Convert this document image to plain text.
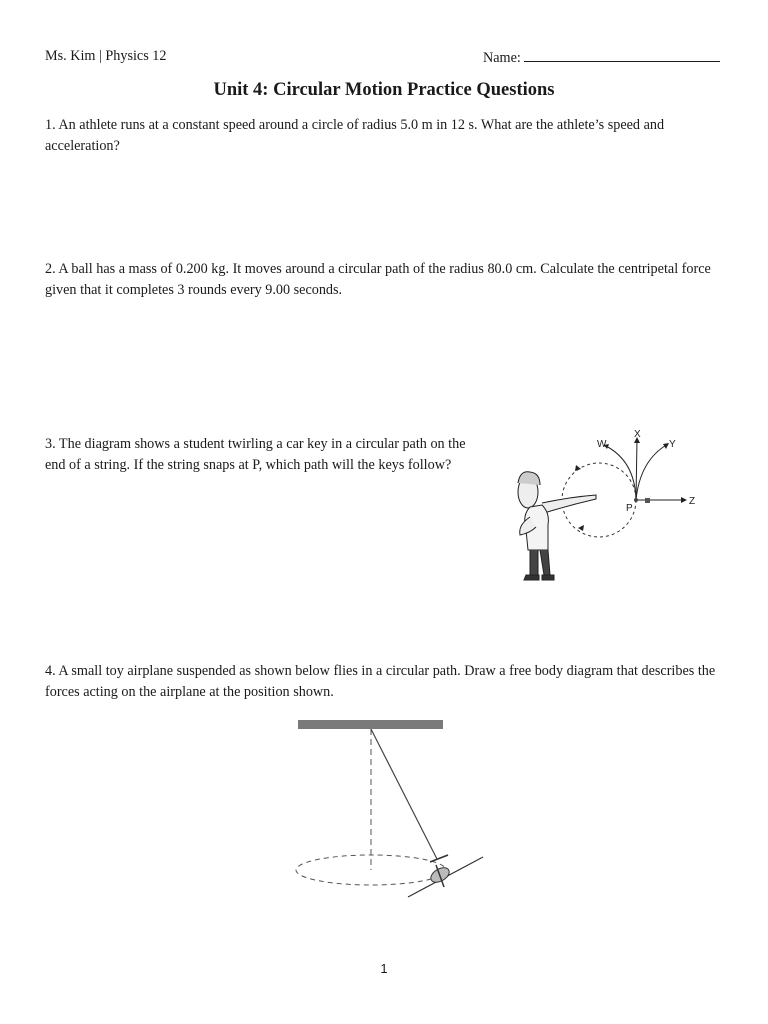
Ms. Kim | Physics 12	Name:
Unit 4: Circular Motion Practice Questions
1. An athlete runs at a constant speed around a circle of radius 5.0 m in 12 s. What are the athlete’s speed and acceleration?
2. A ball has a mass of 0.200 kg. It moves around a circular path of the radius 80.0 cm. Calculate the centripetal force given that it completes 3 rounds every 9.00 seconds.
3. The diagram shows a student twirling a car key in a circular path on the end of a string. If the string snaps at P, which path will the keys follow?
W
X
Y
Z
P
4. A small toy airplane suspended as shown below flies in a circular path. Draw a free body diagram that describes the forces acting on the airplane at the position shown.
1
